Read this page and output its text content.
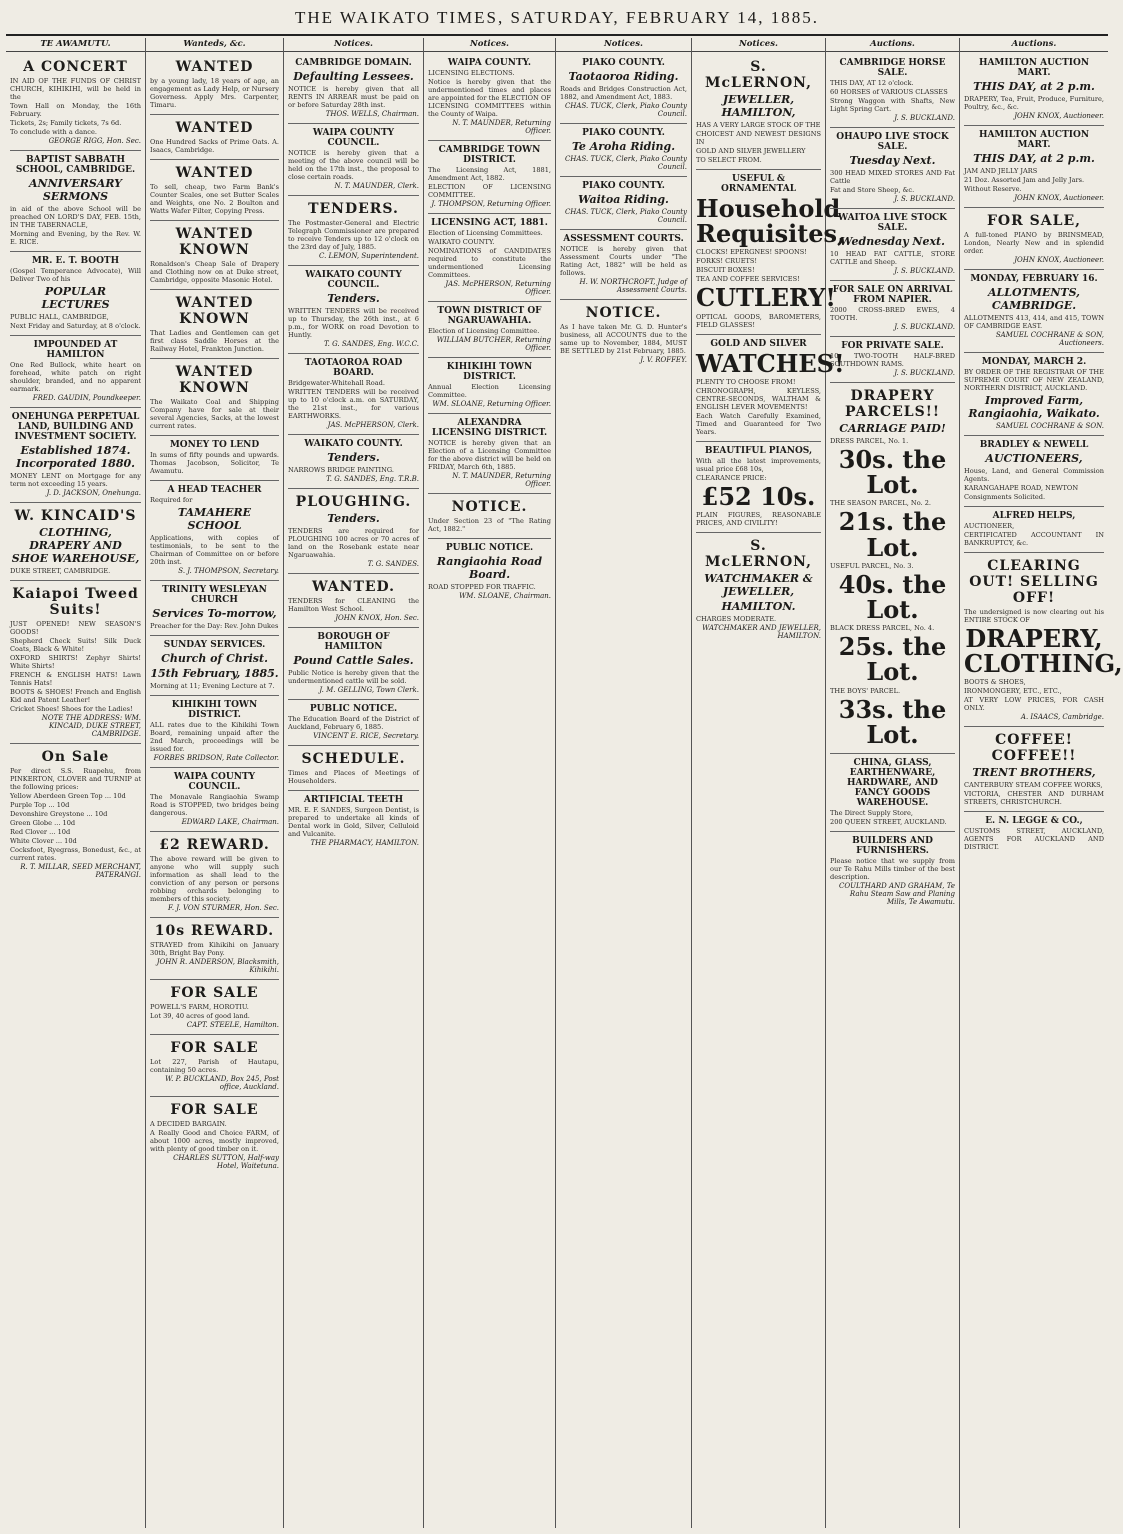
THE WAIKATO TIMES, SATURDAY, FEBRUARY 14, 1885.
TE AWAMUTU.
A CONCERT
IN AID OF THE FUNDS OF CHRIST CHURCH, KIHIKIHI, will be held in the
Town Hall on Monday, the 16th February.
Tickets, 2s; Family tickets, 7s 6d.
To conclude with a dance.
GEORGE RIGG, Hon. Sec.
BAPTIST SABBATH SCHOOL, CAMBRIDGE.
ANNIVERSARY SERMONS
in aid of the above School will be preached ON LORD'S DAY, FEB. 15th, IN THE TABERNACLE,
Morning and Evening, by the Rev. W. E. RICE.
MR. E. T. BOOTH
(Gospel Temperance Advocate), Will Deliver Two of his
POPULAR LECTURES
PUBLIC HALL, CAMBRIDGE,
Next Friday and Saturday, at 8 o'clock.
IMPOUNDED AT HAMILTON
One Red Bullock, white heart on forehead, white patch on right shoulder, branded, and no apparent earmark.
FRED. GAUDIN, Poundkeeper.
ONEHUNGA PERPETUAL LAND, BUILDING AND INVESTMENT SOCIETY.
Established 1874. Incorporated 1880.
MONEY LENT on Mortgage for any term not exceeding 15 years.
J. D. JACKSON, Onehunga.
W. KINCAID'S
CLOTHING, DRAPERY AND SHOE WAREHOUSE,
DUKE STREET, CAMBRIDGE.
Kaiapoi Tweed Suits!
JUST OPENED! NEW SEASON'S GOODS!
Shepherd Check Suits! Silk Duck Coats, Black & White!
OXFORD SHIRTS! Zephyr Shirts! White Shirts!
FRENCH & ENGLISH HATS! Lawn Tennis Hats!
BOOTS & SHOES! French and English Kid and Patent Leather!
Cricket Shoes! Shoes for the Ladies!
NOTE THE ADDRESS: WM. KINCAID, DUKE STREET, CAMBRIDGE.
On Sale
Per direct S.S. Ruapehu, from PINKERTON, CLOVER and TURNIP at the following prices:
Yellow Aberdeen Green Top ... 10d
Purple Top ... 10d
Devonshire Greystone ... 10d
Green Globe ... 10d
Red Clover ... 10d
White Clover ... 10d
Cocksfoot, Ryegrass, Bonedust, &c., at current rates.
R. T. MILLAR, SEED MERCHANT, PATERANGI.
Wanteds, &c.
WANTED
by a young lady, 18 years of age, an engagement as Lady Help, or Nursery Governess. Apply Mrs. Carpenter, Timaru.
WANTED
One Hundred Sacks of Prime Oats. A. Isaacs, Cambridge.
WANTED
To sell, cheap, two Farm Bank's Counter Scales, one set Butter Scales and Weights, one No. 2 Boulton and Watts Wafer Filter, Copying Press.
WANTED KNOWN
Ronaldson's Cheap Sale of Drapery and Clothing now on at Duke street, Cambridge, opposite Masonic Hotel.
WANTED KNOWN
That Ladies and Gentlemen can get first class Saddle Horses at the Railway Hotel, Frankton Junction.
WANTED KNOWN
The Waikato Coal and Shipping Company have for sale at their several Agencies, Sacks, at the lowest current rates.
MONEY TO LEND
In sums of fifty pounds and upwards. Thomas Jacobson, Solicitor, Te Awamutu.
A HEAD TEACHER
Required for
TAMAHERE SCHOOL
Applications, with copies of testimonials, to be sent to the Chairman of Committee on or before 20th inst.
S. J. THOMPSON, Secretary.
TRINITY WESLEYAN CHURCH
Services To-morrow,
Preacher for the Day: Rev. John Dukes
SUNDAY SERVICES.
Church of Christ.
15th February, 1885.
Morning at 11; Evening Lecture at 7.
KIHIKIHI TOWN DISTRICT.
ALL rates due to the Kihikihi Town Board, remaining unpaid after the 2nd March, proceedings will be issued for.
FORBES BRIDSON, Rate Collector.
WAIPA COUNTY COUNCIL.
The Monavale Rangiaohia Swamp Road is STOPPED, two bridges being dangerous.
EDWARD LAKE, Chairman.
£2 REWARD.
The above reward will be given to anyone who will supply such information as shall lead to the conviction of any person or persons robbing orchards belonging to members of this society.
F. J. VON STURMER, Hon. Sec.
10s REWARD.
STRAYED from Kihikihi on January 30th, Bright Bay Pony.
JOHN R. ANDERSON, Blacksmith, Kihikihi.
FOR SALE
POWELL'S FARM, HOROTIU.
Lot 39, 40 acres of good land.
CAPT. STEELE, Hamilton.
FOR SALE
Lot 227, Parish of Hautapu, containing 50 acres.
W. P. BUCKLAND, Box 245, Post office, Auckland.
FOR SALE
A DECIDED BARGAIN.
A Really Good and Choice FARM, of about 1000 acres, mostly improved, with plenty of good timber on it.
CHARLES SUTTON, Half-way Hotel, Waitetuna.
Notices.
CAMBRIDGE DOMAIN.
Defaulting Lessees.
NOTICE is hereby given that all RENTS IN ARREAR must be paid on or before Saturday 28th inst.
THOS. WELLS, Chairman.
WAIPA COUNTY COUNCIL.
NOTICE is hereby given that a meeting of the above council will be held on the 17th inst., the proposal to close certain roads.
N. T. MAUNDER, Clerk.
TENDERS.
The Postmaster-General and Electric Telegraph Commissioner are prepared to receive Tenders up to 12 o'clock on the 23rd day of July, 1885.
C. LEMON, Superintendent.
WAIKATO COUNTY COUNCIL.
Tenders.
WRITTEN TENDERS will be received up to Thursday, the 26th inst., at 6 p.m., for WORK on road Devotion to Huntly.
T. G. SANDES, Eng. W.C.C.
TAOTAOROA ROAD BOARD.
Bridgewater-Whitehall Road.
WRITTEN TENDERS will be received up to 10 o'clock a.m. on SATURDAY, the 21st inst., for various EARTHWORKS.
JAS. McPHERSON, Clerk.
WAIKATO COUNTY.
Tenders.
NARROWS BRIDGE PAINTING.
T. G. SANDES, Eng. T.R.B.
PLOUGHING.
Tenders.
TENDERS are required for PLOUGHING 100 acres or 70 acres of land on the Rosebank estate near Ngaruawahia.
T. G. SANDES.
WANTED.
TENDERS for CLEANING the Hamilton West School.
JOHN KNOX, Hon. Sec.
BOROUGH OF HAMILTON
Pound Cattle Sales.
Public Notice is hereby given that the undermentioned cattle will be sold.
J. M. GELLING, Town Clerk.
PUBLIC NOTICE.
The Education Board of the District of Auckland, February 6, 1885.
VINCENT E. RICE, Secretary.
SCHEDULE.
Times and Places of Meetings of Householders.
ARTIFICIAL TEETH
MR. E. F. SANDES, Surgeon Dentist, is prepared to undertake all kinds of Dental work in Gold, Silver, Celluloid and Vulcanite.
THE PHARMACY, HAMILTON.
Notices.
WAIPA COUNTY.
LICENSING ELECTIONS.
Notice is hereby given that the undermentioned times and places are appointed for the ELECTION OF LICENSING COMMITTEES within the County of Waipa.
N. T. MAUNDER, Returning Officer.
CAMBRIDGE TOWN DISTRICT.
The Licensing Act, 1881, Amendment Act, 1882.
ELECTION OF LICENSING COMMITTEE.
J. THOMPSON, Returning Officer.
LICENSING ACT, 1881.
Election of Licensing Committees.
WAIKATO COUNTY.
NOMINATIONS of CANDIDATES required to constitute the undermentioned Licensing Committees.
JAS. McPHERSON, Returning Officer.
TOWN DISTRICT OF NGARUAWAHIA.
Election of Licensing Committee.
WILLIAM BUTCHER, Returning Officer.
KIHIKIHI TOWN DISTRICT.
Annual Election Licensing Committee.
WM. SLOANE, Returning Officer.
ALEXANDRA LICENSING DISTRICT.
NOTICE is hereby given that an Election of a Licensing Committee for the above district will be held on FRIDAY, March 6th, 1885.
N. T. MAUNDER, Returning Officer.
NOTICE.
Under Section 23 of "The Rating Act, 1882."
PUBLIC NOTICE.
Rangiaohia Road Board.
ROAD STOPPED FOR TRAFFIC.
WM. SLOANE, Chairman.
Notices.
PIAKO COUNTY.
Taotaoroa Riding.
Roads and Bridges Construction Act, 1882, and Amendment Act, 1883.
CHAS. TUCK, Clerk, Piako County Council.
PIAKO COUNTY.
Te Aroha Riding.
CHAS. TUCK, Clerk, Piako County Council.
PIAKO COUNTY.
Waitoa Riding.
CHAS. TUCK, Clerk, Piako County Council.
ASSESSMENT COURTS.
NOTICE is hereby given that Assessment Courts under "The Rating Act, 1882" will be held as follows.
H. W. NORTHCROFT, Judge of Assessment Courts.
NOTICE.
As I have taken Mr. G. D. Hunter's business, all ACCOUNTS due to the same up to November, 1884, MUST BE SETTLED by 21st February, 1885.
J. V. ROFFEY.
Notices.
S. McLERNON,
JEWELLER, HAMILTON,
HAS A VERY LARGE STOCK OF THE
CHOICEST AND NEWEST DESIGNS IN
GOLD AND SILVER JEWELLERY
TO SELECT FROM.
USEFUL & ORNAMENTAL
Household Requisites,
CLOCKS! EPERGNES! SPOONS!
FORKS! CRUETS!
BISCUIT BOXES!
TEA AND COFFEE SERVICES!
CUTLERY!
OPTICAL GOODS, BAROMETERS, FIELD GLASSES!
GOLD AND SILVER
WATCHES!
PLENTY TO CHOOSE FROM!
CHRONOGRAPH, KEYLESS, CENTRE-SECONDS, WALTHAM & ENGLISH LEVER MOVEMENTS!
Each Watch Carefully Examined, Timed and Guaranteed for Two Years.
BEAUTIFUL PIANOS,
With all the latest improvements, usual price £68 10s,
CLEARANCE PRICE:
£52 10s.
PLAIN FIGURES, REASONABLE PRICES, AND CIVILITY!
S. McLERNON,
WATCHMAKER & JEWELLER,
HAMILTON.
CHARGES MODERATE.
WATCHMAKER AND JEWELLER, HAMILTON.
Auctions.
CAMBRIDGE HORSE SALE.
THIS DAY, AT 12 o'clock.
60 HORSES of VARIOUS CLASSES
Strong Waggon with Shafts, New Light Spring Cart.
J. S. BUCKLAND.
OHAUPO LIVE STOCK SALE.
Tuesday Next.
300 HEAD MIXED STORES AND Fat Cattle
Fat and Store Sheep, &c.
J. S. BUCKLAND.
WAITOA LIVE STOCK SALE.
Wednesday Next.
10 HEAD FAT CATTLE, STORE CATTLE and Sheep.
J. S. BUCKLAND.
FOR SALE ON ARRIVAL FROM NAPIER.
2000 CROSS-BRED EWES, 4 TOOTH.
J. S. BUCKLAND.
FOR PRIVATE SALE.
10 TWO-TOOTH HALF-BRED SOUTHDOWN RAMS.
J. S. BUCKLAND.
DRAPERY PARCELS!!
CARRIAGE PAID!
DRESS PARCEL, No. 1.
30s. the Lot.
THE SEASON PARCEL, No. 2.
21s. the Lot.
USEFUL PARCEL, No. 3.
40s. the Lot.
BLACK DRESS PARCEL, No. 4.
25s. the Lot.
THE BOYS' PARCEL.
33s. the Lot.
CHINA, GLASS, EARTHENWARE, HARDWARE, AND FANCY GOODS WAREHOUSE.
The Direct Supply Store,
200 QUEEN STREET, AUCKLAND.
BUILDERS AND FURNISHERS.
Please notice that we supply from our Te Rahu Mills timber of the best description.
COULTHARD AND GRAHAM, Te Rahu Steam Saw and Planing Mills, Te Awamutu.
Auctions.
HAMILTON AUCTION MART.
THIS DAY, at 2 p.m.
DRAPERY, Tea, Fruit, Produce, Furniture, Poultry, &c., &c.
JOHN KNOX, Auctioneer.
HAMILTON AUCTION MART.
THIS DAY, at 2 p.m.
JAM AND JELLY JARS
21 Doz. Assorted Jam and Jelly Jars.
Without Reserve.
JOHN KNOX, Auctioneer.
FOR SALE,
A full-toned PIANO by BRINSMEAD, London, Nearly New and in splendid order.
JOHN KNOX, Auctioneer.
MONDAY, FEBRUARY 16.
ALLOTMENTS, CAMBRIDGE.
ALLOTMENTS 413, 414, and 415, TOWN OF CAMBRIDGE EAST.
SAMUEL COCHRANE & SON, Auctioneers.
MONDAY, MARCH 2.
BY ORDER OF THE REGISTRAR OF THE SUPREME COURT OF NEW ZEALAND, NORTHERN DISTRICT, AUCKLAND.
Improved Farm, Rangiaohia, Waikato.
SAMUEL COCHRANE & SON.
BRADLEY & NEWELL
AUCTIONEERS,
House, Land, and General Commission Agents.
KARANGAHAPE ROAD, NEWTON
Consignments Solicited.
ALFRED HELPS,
AUCTIONEER,
CERTIFICATED ACCOUNTANT IN BANKRUPTCY, &c.
CLEARING OUT! SELLING OFF!
The undersigned is now clearing out his ENTIRE STOCK OF
DRAPERY, CLOTHING,
BOOTS & SHOES,
IRONMONGERY, ETC., ETC.,
AT VERY LOW PRICES, FOR CASH ONLY.
A. ISAACS, Cambridge.
COFFEE! COFFEE!!
TRENT BROTHERS,
CANTERBURY STEAM COFFEE WORKS,
VICTORIA, CHESTER AND DURHAM STREETS, CHRISTCHURCH.
E. N. LEGGE & CO.,
CUSTOMS STREET, AUCKLAND, AGENTS FOR AUCKLAND AND DISTRICT.
